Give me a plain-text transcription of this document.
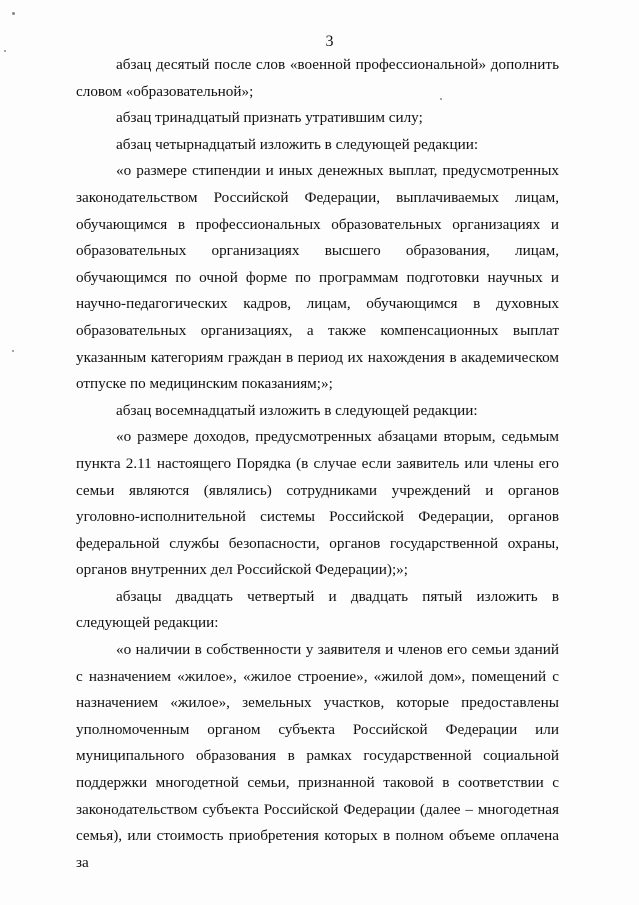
3

абзац десятый после слов «военной профессиональной» дополнить словом «образовательной»;

абзац тринадцатый признать утратившим силу;

абзац четырнадцатый изложить в следующей редакции:

«о размере стипендии и иных денежных выплат, предусмотренных законодательством Российской Федерации, выплачиваемых лицам, обучающимся в профессиональных образовательных организациях и образовательных организациях высшего образования, лицам, обучающимся по очной форме по программам подготовки научных и научно-педагогических кадров, лицам, обучающимся в духовных образовательных организациях, а также компенсационных выплат указанным категориям граждан в период их нахождения в академическом отпуске по медицинским показаниям;»;

абзац восемнадцатый изложить в следующей редакции:

«о размере доходов, предусмотренных абзацами вторым, седьмым пункта 2.11 настоящего Порядка (в случае если заявитель или члены его семьи являются (являлись) сотрудниками учреждений и органов уголовно-исполнительной системы Российской Федерации, органов федеральной службы безопасности, органов государственной охраны, органов внутренних дел Российской Федерации);»;

абзацы двадцать четвертый и двадцать пятый изложить в следующей редакции:

«о наличии в собственности у заявителя и членов его семьи зданий с назначением «жилое», «жилое строение», «жилой дом», помещений с назначением «жилое», земельных участков, которые предоставлены уполномоченным органом субъекта Российской Федерации или муниципального образования в рамках государственной социальной поддержки многодетной семьи, признанной таковой в соответствии с законодательством субъекта Российской Федерации (далее – многодетная семья), или стоимость приобретения которых в полном объеме оплачена за
